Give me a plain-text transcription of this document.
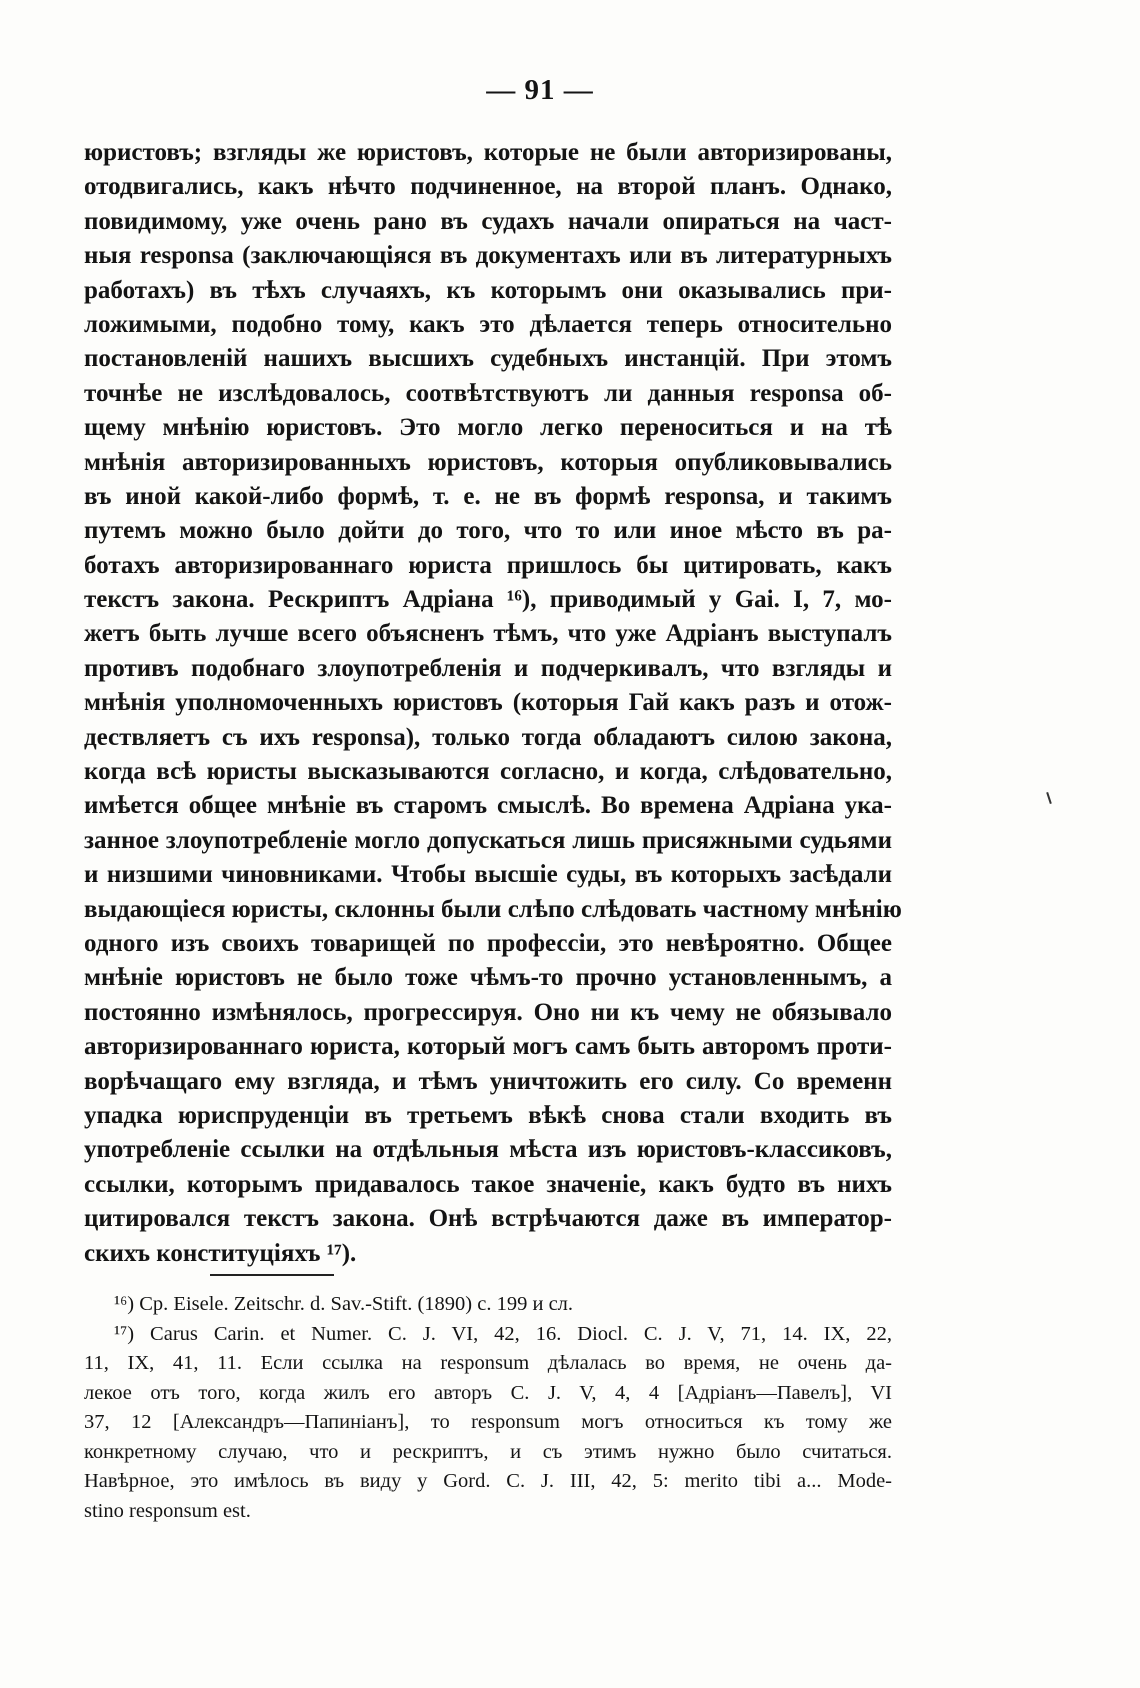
— 91 —
юристовъ; взгляды же юристовъ, которые не были авторизированы,
отодвигались, какъ нѣчто подчиненное, на второй планъ. Однако,
повидимому, уже очень рано въ судахъ начали опираться на част-
ныя responsa (заключающіяся въ документахъ или въ литературныхъ
работахъ) въ тѣхъ случаяхъ, къ которымъ они оказывались при-
ложимыми, подобно тому, какъ это дѣлается теперь относительно
постановленій нашихъ высшихъ судебныхъ инстанцій. При этомъ
точнѣе не изслѣдовалось, соотвѣтствуютъ ли данныя responsa об-
щему мнѣнію юристовъ. Это могло легко переноситься и на тѣ
мнѣнія авторизированныхъ юристовъ, которыя опубликовывались
въ иной какой-либо формѣ, т. е. не въ формѣ responsa, и такимъ
путемъ можно было дойти до того, что то или иное мѣсто въ ра-
ботахъ авторизированнаго юриста пришлось бы цитировать, какъ
текстъ закона. Рескриптъ Адріана ¹⁶), приводимый у Gai. I, 7, мо-
жетъ быть лучше всего объясненъ тѣмъ, что уже Адріанъ выступалъ
противъ подобнаго злоупотребленія и подчеркивалъ, что взгляды и
мнѣнія уполномоченныхъ юристовъ (которыя Гай какъ разъ и отож-
дествляетъ съ ихъ responsa), только тогда обладаютъ силою закона,
когда всѣ юристы высказываются согласно, и когда, слѣдовательно,
имѣется общее мнѣніе въ старомъ смыслѣ. Во времена Адріана ука-
занное злоупотребленіе могло допускаться лишь присяжными судьями
и низшими чиновниками. Чтобы высшіе суды, въ которыхъ засѣдали
выдающіеся юристы, склонны были слѣпо слѣдовать частному мнѣнію
одного изъ своихъ товарищей по профессіи, это невѣроятно. Общее
мнѣніе юристовъ не было тоже чѣмъ-то прочно установленнымъ, а
постоянно измѣнялось, прогрессируя. Оно ни къ чему не обязывало
авторизированнаго юриста, который могъ самъ быть авторомъ проти-
ворѣчащаго ему взгляда, и тѣмъ уничтожить его силу. Со временн
упадка юриспруденціи въ третьемъ вѣкѣ снова стали входить въ
употребленіе ссылки на отдѣльныя мѣста изъ юристовъ-классиковъ,
ссылки, которымъ придавалось такое значеніе, какъ будто въ нихъ
цитировался текстъ закона. Онѣ встрѣчаются даже въ император-
скихъ конституціяхъ ¹⁷).
¹⁶) Cp. Eisele. Zeitschr. d. Sav.-Stift. (1890) с. 199 и сл.
¹⁷) Carus Carin. et Numer. C. J. VI, 42, 16. Diocl. C. J. V, 71, 14. IX, 22,
11, IX, 41, 11. Если ссылка на responsum дѣлалась во время, не очень да-
лекое отъ того, когда жилъ его авторъ C. J. V, 4, 4 [Адріанъ—Павелъ], VI
37, 12 [Александръ—Папиніанъ], то responsum могъ относиться къ тому же
конкретному случаю, что и рескриптъ, и съ этимъ нужно было считаться.
Навѣрное, это имѣлось въ виду у Gord. C. J. III, 42, 5: merito tibi a... Mode-
stino responsum est.
